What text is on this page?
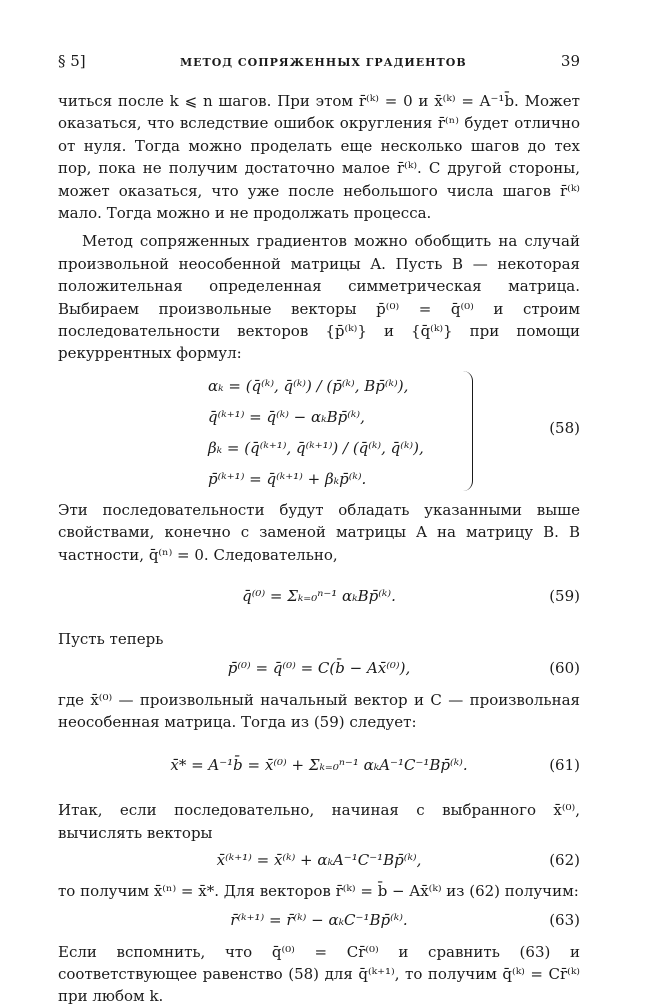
§ 5]	МЕТОД СОПРЯЖЕННЫХ ГРАДИЕНТОВ	39

читься после k ⩽ n шагов. При этом r̄⁽ᵏ⁾ = 0 и x̄⁽ᵏ⁾ = A⁻¹b̄. Может оказаться, что вследствие ошибок округления r̄⁽ⁿ⁾ будет отлично от нуля. Тогда можно проделать еще несколько шагов до тех пор, пока не получим достаточно малое r̄⁽ᵏ⁾. С другой стороны, может оказаться, что уже после небольшого числа шагов r̄⁽ᵏ⁾ мало. Тогда можно и не продолжать процесса.

Метод сопряженных градиентов можно обобщить на случай произвольной неособенной матрицы A. Пусть B — некоторая положительная определенная симметрическая матрица. Выбираем произвольные векторы p̄⁽⁰⁾ = q̄⁽⁰⁾ и строим последовательности векторов {p̄⁽ᵏ⁾} и {q̄⁽ᵏ⁾} при помощи рекуррентных формул:

αₖ = (q̄⁽ᵏ⁾, q̄⁽ᵏ⁾) / (p̄⁽ᵏ⁾, Bp̄⁽ᵏ⁾),
q̄⁽ᵏ⁺¹⁾ = q̄⁽ᵏ⁾ − αₖBp̄⁽ᵏ⁾,
βₖ = (q̄⁽ᵏ⁺¹⁾, q̄⁽ᵏ⁺¹⁾) / (q̄⁽ᵏ⁾, q̄⁽ᵏ⁾),
p̄⁽ᵏ⁺¹⁾ = q̄⁽ᵏ⁺¹⁾ + βₖp̄⁽ᵏ⁾.
(58)

Эти последовательности будут обладать указанными выше свойствами, конечно с заменой матрицы A на матрицу B. В частности, q̄⁽ⁿ⁾ = 0. Следовательно,

q̄⁽⁰⁾ = Σₖ₌₀ⁿ⁻¹ αₖBp̄⁽ᵏ⁾.	(59)

Пусть теперь

p̄⁽⁰⁾ = q̄⁽⁰⁾ = C(b̄ − Ax̄⁽⁰⁾),	(60)

где x̄⁽⁰⁾ — произвольный начальный вектор и C — произвольная неособенная матрица. Тогда из (59) следует:

x̄* = A⁻¹b̄ = x̄⁽⁰⁾ + Σₖ₌₀ⁿ⁻¹ αₖA⁻¹C⁻¹Bp̄⁽ᵏ⁾.	(61)

Итак, если последовательно, начиная с выбранного x̄⁽⁰⁾, вычислять векторы

x̄⁽ᵏ⁺¹⁾ = x̄⁽ᵏ⁾ + αₖA⁻¹C⁻¹Bp̄⁽ᵏ⁾,	(62)

то получим x̄⁽ⁿ⁾ = x̄*. Для векторов r̄⁽ᵏ⁾ = b̄ − Ax̄⁽ᵏ⁾ из (62) получим:

r̄⁽ᵏ⁺¹⁾ = r̄⁽ᵏ⁾ − αₖC⁻¹Bp̄⁽ᵏ⁾.	(63)

Если вспомнить, что q̄⁽⁰⁾ = Cr̄⁽⁰⁾ и сравнить (63) и соответствующее равенство (58) для q̄⁽ᵏ⁺¹⁾, то получим q̄⁽ᵏ⁾ = Cr̄⁽ᵏ⁾ при любом k.
